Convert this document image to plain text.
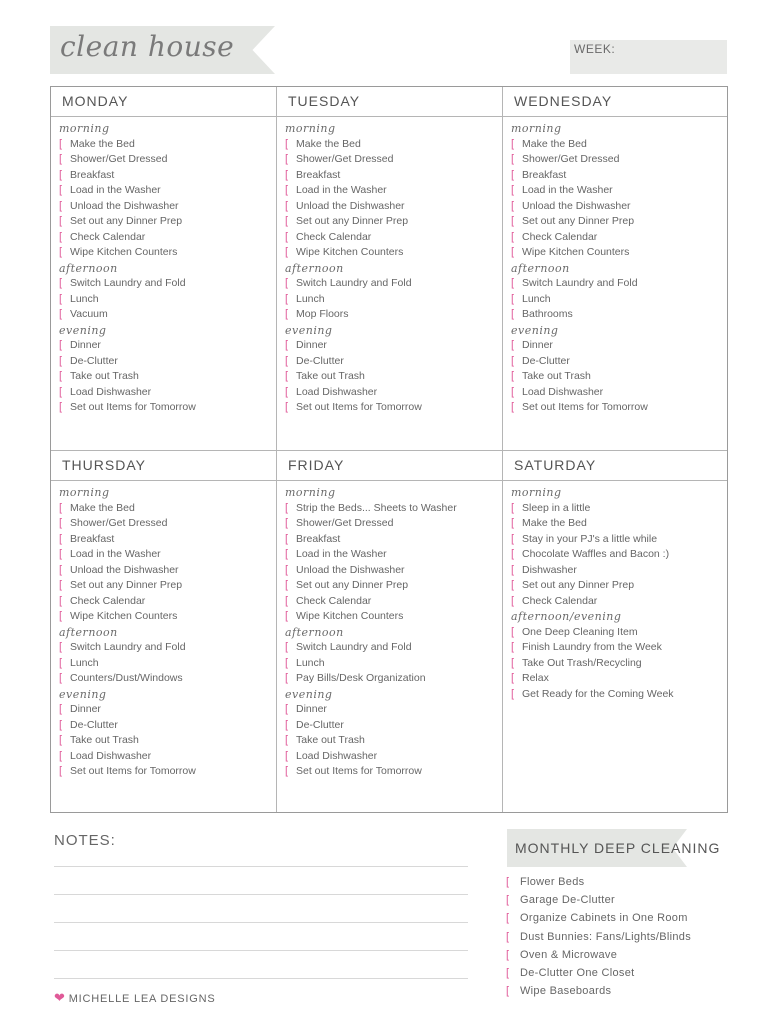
clean house	WEEK:
MONDAY
morning
[ Make the Bed
[ Shower/Get Dressed
[ Breakfast
[ Load in the Washer
[ Unload the Dishwasher
[ Set out any Dinner Prep
[ Check Calendar
[ Wipe Kitchen Counters
afternoon
[ Switch Laundry and Fold
[ Lunch
[ Vacuum
evening
[ Dinner
[ De-Clutter
[ Take out Trash
[ Load Dishwasher
[ Set out Items for Tomorrow
TUESDAY
morning
[ Make the Bed
[ Shower/Get Dressed
[ Breakfast
[ Load in the Washer
[ Unload the Dishwasher
[ Set out any Dinner Prep
[ Check Calendar
[ Wipe Kitchen Counters
afternoon
[ Switch Laundry and Fold
[ Lunch
[ Mop Floors
evening
[ Dinner
[ De-Clutter
[ Take out Trash
[ Load Dishwasher
[ Set out Items for Tomorrow
WEDNESDAY
morning
[ Make the Bed
[ Shower/Get Dressed
[ Breakfast
[ Load in the Washer
[ Unload the Dishwasher
[ Set out any Dinner Prep
[ Check Calendar
[ Wipe Kitchen Counters
afternoon
[ Switch Laundry and Fold
[ Lunch
[ Bathrooms
evening
[ Dinner
[ De-Clutter
[ Take out Trash
[ Load Dishwasher
[ Set out Items for Tomorrow
THURSDAY
morning
[ Make the Bed
[ Shower/Get Dressed
[ Breakfast
[ Load in the Washer
[ Unload the Dishwasher
[ Set out any Dinner Prep
[ Check Calendar
[ Wipe Kitchen Counters
afternoon
[ Switch Laundry and Fold
[ Lunch
[ Counters/Dust/Windows
evening
[ Dinner
[ De-Clutter
[ Take out Trash
[ Load Dishwasher
[ Set out Items for Tomorrow
FRIDAY
morning
[ Strip the Beds... Sheets to Washer
[ Shower/Get Dressed
[ Breakfast
[ Load in the Washer
[ Unload the Dishwasher
[ Set out any Dinner Prep
[ Check Calendar
[ Wipe Kitchen Counters
afternoon
[ Switch Laundry and Fold
[ Lunch
[ Pay Bills/Desk Organization
evening
[ Dinner
[ De-Clutter
[ Take out Trash
[ Load Dishwasher
[ Set out Items for Tomorrow
SATURDAY
morning
[ Sleep in a little
[ Make the Bed
[ Stay in your PJ's a little while
[ Chocolate Waffles and Bacon :)
[ Dishwasher
[ Set out any Dinner Prep
[ Check Calendar
afternoon/evening
[ One Deep Cleaning Item
[ Finish Laundry from the Week
[ Take Out Trash/Recycling
[ Relax
[ Get Ready for the Coming Week
NOTES:	MONTHLY DEEP CLEANING
[ Flower Beds
[ Garage De-Clutter
[ Organize Cabinets in One Room
[ Dust Bunnies: Fans/Lights/Blinds
[ Oven & Microwave
[ De-Clutter One Closet
[ Wipe Baseboards
❤ MICHELLE LEA DESIGNS
